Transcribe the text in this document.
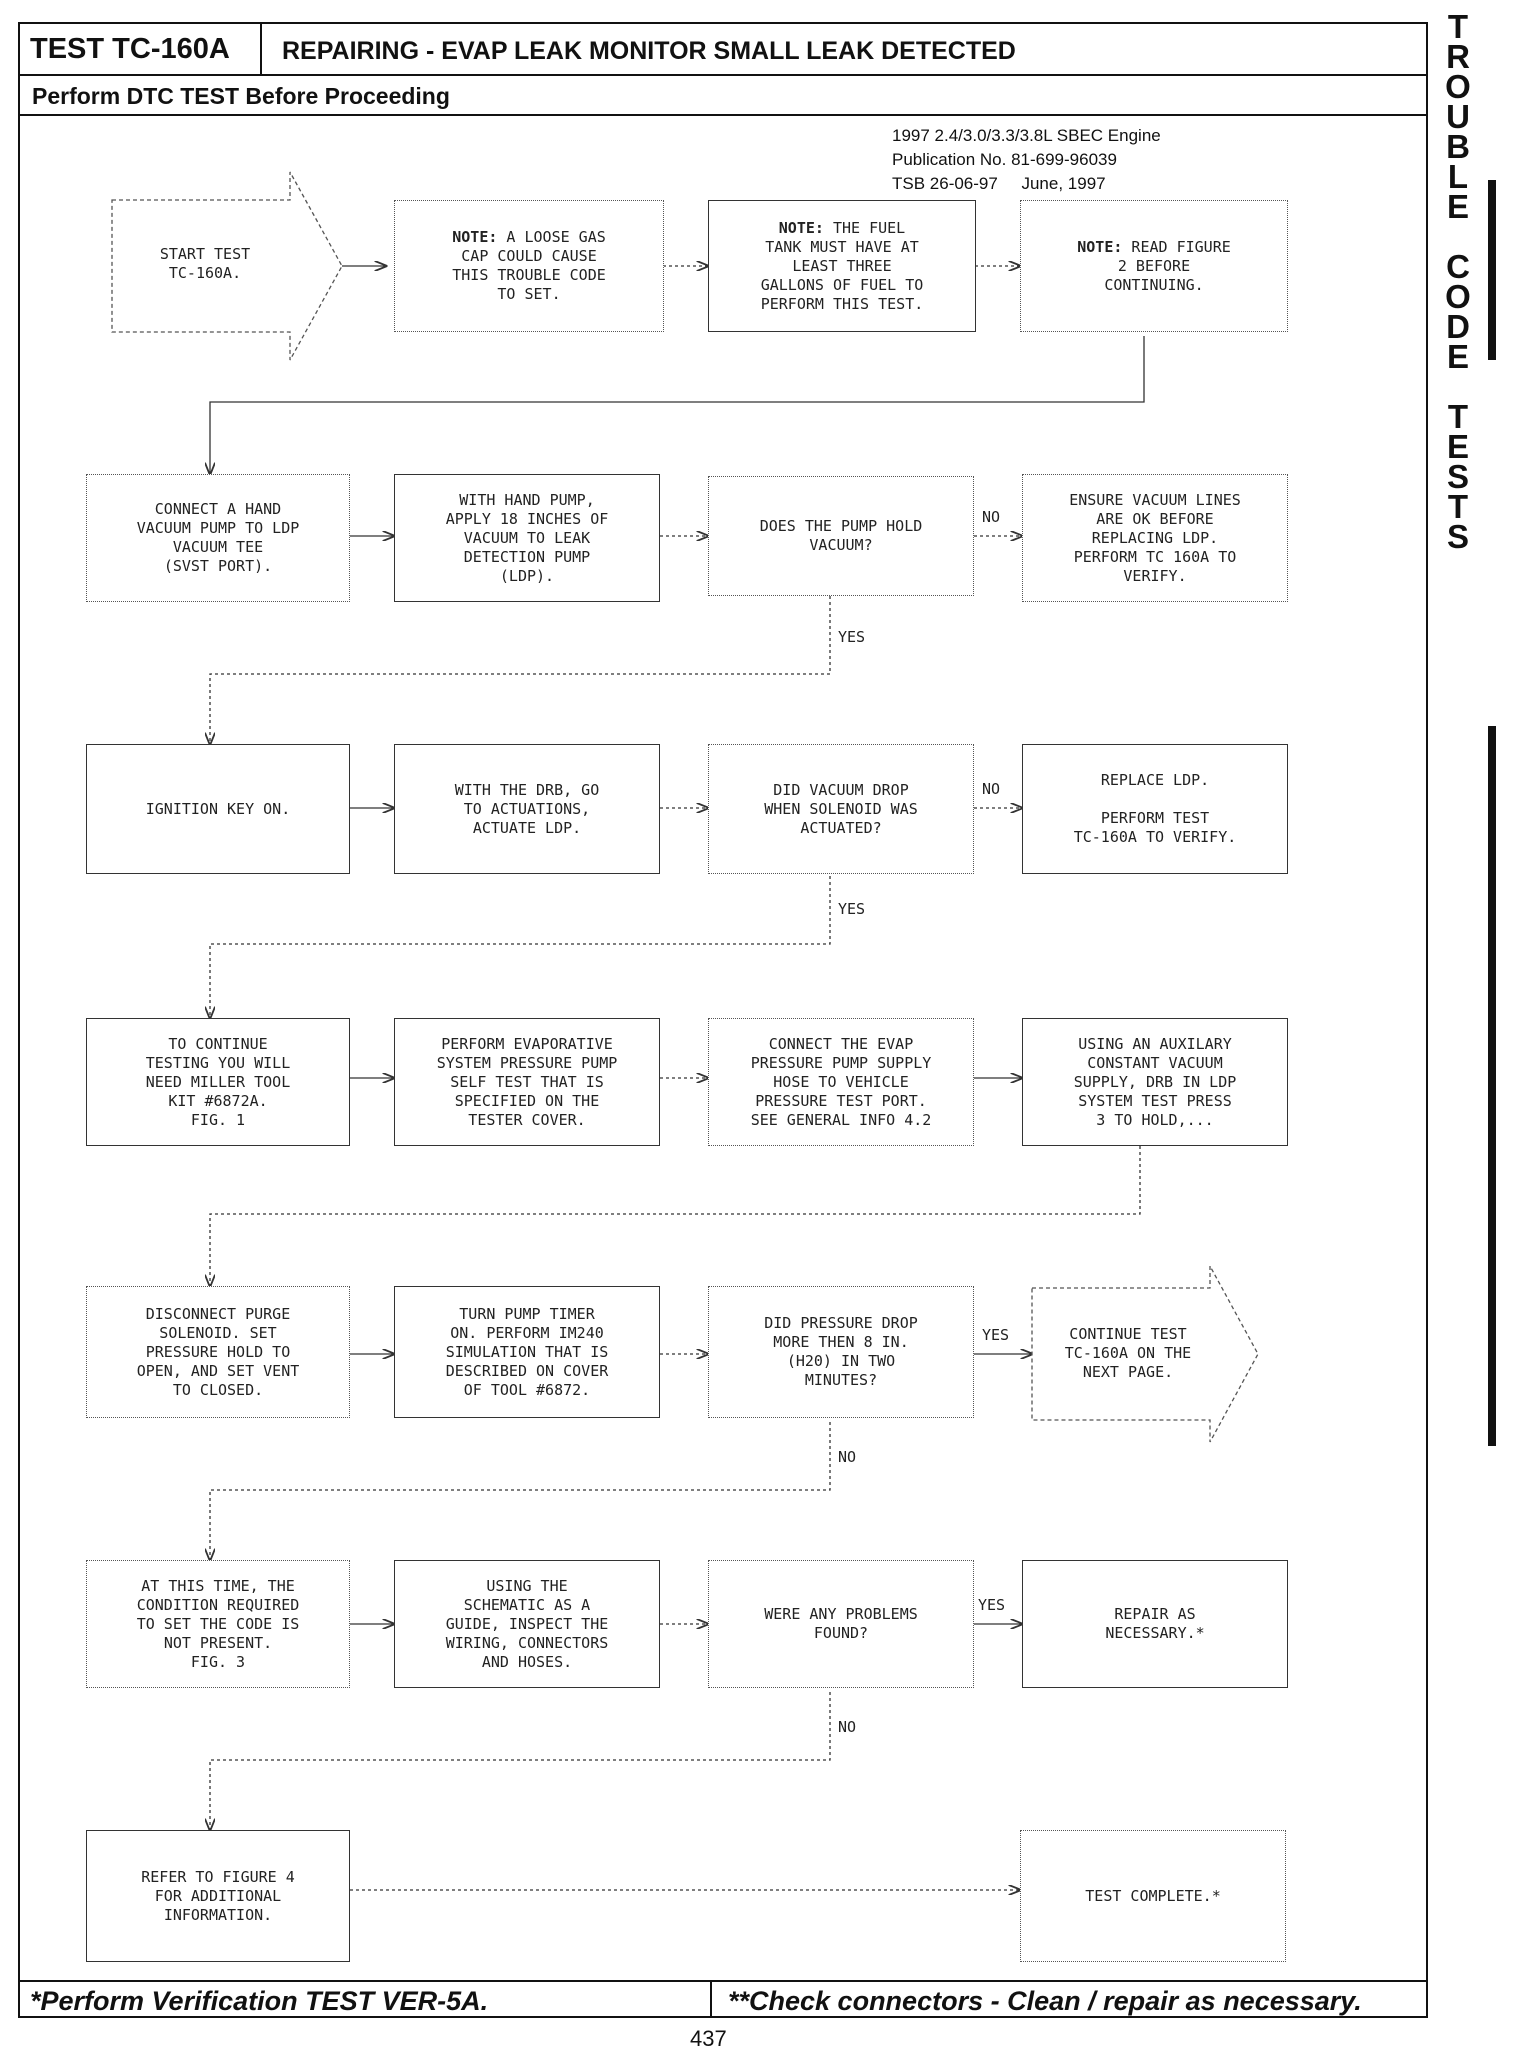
TEST TC-160A	REPAIRING - EVAP LEAK MONITOR SMALL LEAK DETECTED
Perform DTC TEST Before Proceeding
1997 2.4/3.0/3.3/3.8L SBEC Engine
Publication No. 81-699-96039
TSB 26-06-97 June, 1997
START TEST
TC-160A.
NOTE: A LOOSE GAS
CAP COULD CAUSE
THIS TROUBLE CODE
TO SET.
NOTE: THE FUEL
TANK MUST HAVE AT
LEAST THREE
GALLONS OF FUEL TO
PERFORM THIS TEST.
NOTE: READ FIGURE
2 BEFORE
CONTINUING.
CONNECT A HAND
VACUUM PUMP TO LDP
VACUUM TEE
(SVST PORT).
WITH HAND PUMP,
APPLY 18 INCHES OF
VACUUM TO LEAK
DETECTION PUMP
(LDP).
DOES THE PUMP HOLD
VACUUM?
NO
ENSURE VACUUM LINES
ARE OK BEFORE
REPLACING LDP.
PERFORM TC 160A TO
VERIFY.
YES
IGNITION KEY ON.
WITH THE DRB, GO
TO ACTUATIONS,
ACTUATE LDP.
DID VACUUM DROP
WHEN SOLENOID WAS
ACTUATED?
NO	REPLACE LDP.

PERFORM TEST
TC-160A TO VERIFY.
YES
TO CONTINUE
TESTING YOU WILL
NEED MILLER TOOL
KIT #6872A.
FIG. 1
PERFORM EVAPORATIVE
SYSTEM PRESSURE PUMP
SELF TEST THAT IS
SPECIFIED ON THE
TESTER COVER.
CONNECT THE EVAP
PRESSURE PUMP SUPPLY
HOSE TO VEHICLE
PRESSURE TEST PORT.
SEE GENERAL INFO 4.2
USING AN AUXILARY
CONSTANT VACUUM
SUPPLY, DRB IN LDP
SYSTEM TEST PRESS
3 TO HOLD,...
DISCONNECT PURGE
SOLENOID. SET
PRESSURE HOLD TO
OPEN, AND SET VENT
TO CLOSED.
TURN PUMP TIMER
ON. PERFORM IM240
SIMULATION THAT IS
DESCRIBED ON COVER
OF TOOL #6872.
DID PRESSURE DROP
MORE THEN 8 IN.
(H20) IN TWO
MINUTES?
YES	CONTINUE TEST
TC-160A ON THE
NEXT PAGE.
NO
AT THIS TIME, THE
CONDITION REQUIRED
TO SET THE CODE IS
NOT PRESENT.
FIG. 3
USING THE
SCHEMATIC AS A
GUIDE, INSPECT THE
WIRING, CONNECTORS
AND HOSES.
WERE ANY PROBLEMS
FOUND?
YES	REPAIR AS
NECESSARY.*
NO
REFER TO FIGURE 4
FOR ADDITIONAL
INFORMATION.
TEST COMPLETE.*
*Perform Verification TEST VER-5A.	**Check connectors - Clean / repair as necessary.
T
R
O
U
B
L
E
C
O
D
E
T
E
S
T
S
437
